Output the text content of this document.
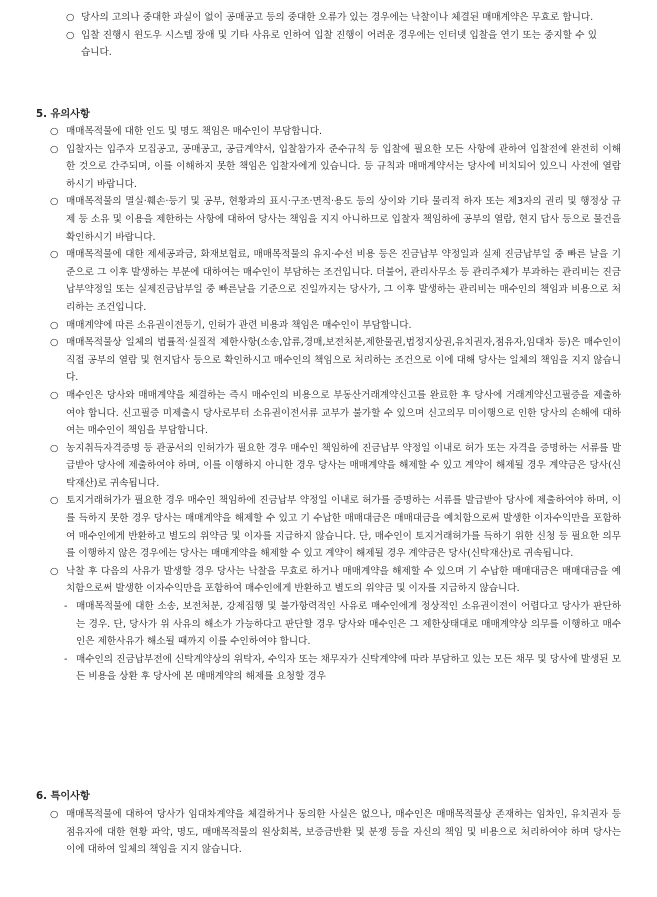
○ 당사의 고의나 중대한 과실이 없이 공매공고 등의 중대한 오류가 있는 경우에는 낙찰이나 체결된 매매계약은 무효로 합니다.
○ 입찰 진행시 윈도우 시스템 장애 및 기타 사유로 인하여 입찰 진행이 어려운 경우에는 인터넷 입찰을 연기 또는 중지할 수 있습니다.
5. 유의사항
○ 매매목적물에 대한 인도 및 명도 책임은 매수인이 부담합니다.
○ 입찰자는 입주자 모집공고, 공매공고, 공급계약서, 입찰참가자 준수규칙 등 입찰에 필요한 모든 사항에 관하여 입찰전에 완전히 이해한 것으로 간주되며, 이를 이해하지 못한 책임은 입찰자에게 있습니다. 등 규칙과 매매계약서는 당사에 비치되어 있으니 사전에 열람하시기 바랍니다.
○ 매매목적물의 멸실·훼손·등기 및 공부, 현황과의 표시·구조·면적·용도 등의 상이와 기타 물리적 하자 또는 제3자의 권리 및 행정상 규제 등 소유 및 이용을 제한하는 사항에 대하여 당사는 책임을 지지 아니하므로 입찰자 책임하에 공부의 열람, 현지 답사 등으로 물건을 확인하시기 바랍니다.
○ 매매목적물에 대한 제세공과금, 화재보험료, 매매목적물의 유지·수선 비용 등은 진금납부 약정일과 실제 진금납부일 중 빠른 날을 기준으로 그 이후 발생하는 부분에 대하여는 매수인이 부담하는 조건입니다. 더불어, 관리사무소 등 관리주체가 부과하는 관리비는 진금납부약정일 또는 실제진금납부일 중 빠른날을 기준으로 진일까지는 당사가, 그 이후 발생하는 관리비는 매수인의 책임과 비용으로 처리하는 조건입니다.
○ 매매계약에 따른 소유권이전등기, 인허가 관련 비용과 책임은 매수인이 부담합니다.
○ 매매목적물상 일체의 법률적·실질적 제한사항(소송,압류,경매,보전처분,제한물권,법정지상권,유치권자,점유자,임대차 등)은 매수인이 직접 공부의 열람 및 현지답사 등으로 확인하시고 매수인의 책임으로 처리하는 조건으로 이에 대해 당사는 일체의 책임을 지지 않습니다.
○ 매수인은 당사와 매매계약을 체결하는 즉시 매수인의 비용으로 부동산거래계약신고를 완료한 후 당사에 거래계약신고필증을 제출하여야 합니다. 신고필증 미제출시 당사로부터 소유권이전서류 교부가 불가할 수 있으며 신고의무 미이행으로 인한 당사의 손해에 대하여는 매수인이 책임을 부담합니다.
○ 농지취득자격증명 등 관공서의 인허가가 필요한 경우 매수인 책임하에 진금납부 약정일 이내로 허가 또는 자격을 증명하는 서류를 발급받아 당사에 제출하여야 하며, 이를 이행하지 아니한 경우 당사는 매매계약을 해제할 수 있고 계약이 해제될 경우 계약금은 당사(신탁재산)로 귀속됩니다.
○ 토지거래허가가 필요한 경우 매수인 책임하에 진금납부 약정일 이내로 허가를 증명하는 서류를 발급받아 당사에 제출하여야 하며, 이를 득하지 못한 경우 당사는 매매계약을 해제할 수 있고 기 수납한 매매대금은 매매대금을 예치함으로써 발생한 이자수익만을 포함하여 매수인에게 반환하고 별도의 위약금 및 이자를 지급하지 않습니다. 단, 매수인이 토지거래허가를 득하기 위한 신청 등 필요한 의무를 이행하지 않은 경우에는 당사는 매매계약을 해제할 수 있고 계약이 해제될 경우 계약금은 당사(신탁재산)로 귀속됩니다.
○ 낙찰 후 다음의 사유가 발생할 경우 당사는 낙찰을 무효로 하거나 매매계약을 해제할 수 있으며 기 수납한 매매대금은 매매대금을 예치함으로써 발생한 이자수익만을 포함하여 매수인에게 반환하고 별도의 위약금 및 이자를 지급하지 않습니다.
- 매매목적물에 대한 소송, 보전처분, 강제집행 및 불가항력적인 사유로 매수인에게 정상적인 소유권이전이 어렵다고 당사가 판단하는 경우. 단, 당사가 위 사유의 해소가 가능하다고 판단할 경우 당사와 매수인은 그 제한상태대로 매매계약상 의무를 이행하고 매수인은 제한사유가 해소될 때까지 이를 수인하여야 합니다.
- 매수인의 진금납부전에 신탁계약상의 위탁자, 수익자 또는 채무자가 신탁계약에 따라 부담하고 있는 모든 채무 및 당사에 발생된 모든 비용을 상환 후 당사에 본 매매계약의 해제를 요청할 경우
6. 특이사항
○ 매매목적물에 대하여 당사가 임대차계약을 체결하거나 동의한 사실은 없으나, 매수인은 매매목적물상 존재하는 임차인, 유치권자 등 점유자에 대한 현황 파악, 명도, 매매목적물의 원상회복, 보증금반환 및 분쟁 등을 자신의 책임 및 비용으로 처리하여야 하며 당사는 이에 대하여 일체의 책임을 지지 않습니다.
